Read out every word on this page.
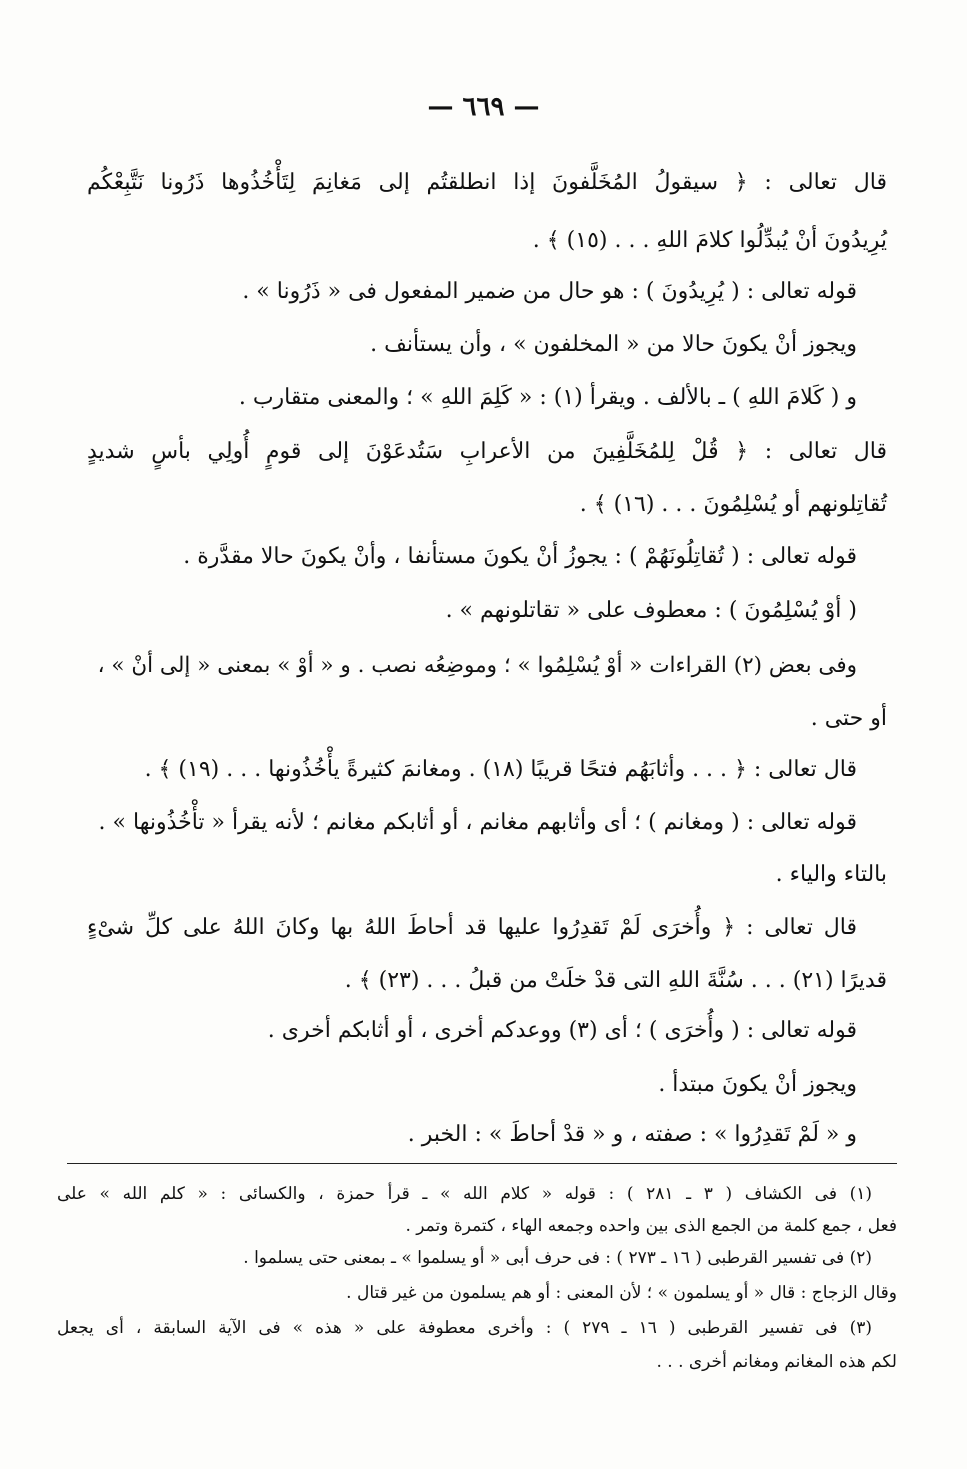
— ٦٦٩ —
قال تعالى : ﴿ سيقولُ المُخَلَّفونَ إذا انطلقتُم إلى مَغانِمَ لِتَأْخُذُوها ذَرُونا نَتَّبِعْكُم
يُرِيدُونَ أنْ يُبدِّلُوا كلامَ اللهِ . . . (١٥) ﴾ .
قوله تعالى : ( يُرِيدُونَ ) : هو حال من ضمير المفعول فى « ذَرُونا » .
ويجوز أنْ يكونَ حالا من « المخلفون » ، وأن يستأنف .
و ( كَلامَ اللهِ ) ـ بالألف . ويقرأ (١) : « كَلِمَ اللهِ » ؛ والمعنى متقارب .
قال تعالى : ﴿ قُلْ لِلمُخَلَّفِينَ من الأعرابِ سَتُدعَوْنَ إلى قومٍ أُولِي بأسٍ شديدٍ
تُقاتِلونهم أو يُسْلِمُونَ . . . (١٦) ﴾ .
قوله تعالى : ( تُقاتِلُونَهُمْ ) : يجوزُ أنْ يكونَ مستأنفا ، وأنْ يكونَ حالا مقدَّرة .
( أوْ يُسْلِمُونَ ) : معطوف على « تقاتلونهم » .
وفى بعض (٢) القراءات « أوْ يُسْلِمُوا » ؛ وموضِعُه نصب . و « أوْ » بمعنى « إلى أنْ » ،
أو حتى .
قال تعالى : ﴿ . . . وأثابَهُم فتحًا قريبًا (١٨) . ومغانمَ كثيرةً يأْخُذُونها . . . (١٩) ﴾ .
قوله تعالى : ( ومغانم ) ؛ أى وأثابهم مغانم ، أو أثابكم مغانم ؛ لأنه يقرأ « تأْخُذُونها » .
بالتاء والياء .
قال تعالى : ﴿ وأُخرَى لَمْ تَقدِرُوا عليها قد أحاطَ اللهُ بها وكانَ اللهُ على كلِّ شىْءٍ
قديرًا (٢١) . . . سُنَّةَ اللهِ التى قدْ خلَتْ من قبلُ . . . (٢٣) ﴾ .
قوله تعالى : ( وأُخرَى ) ؛ أى (٣) ووعدكم أخرى ، أو أثابكم أخرى .
ويجوز أنْ يكونَ مبتدأ .
و « لَمْ تَقدِرُوا » : صفته ، و « قدْ أحاطَ » : الخبر .
(١) فى الكشاف ( ٣ ـ ٢٨١ ) : قوله « كلام الله » ـ قرأ حمزة ، والكسائى : « كلم الله » على
فعل ، جمع كلمة من الجمع الذى بين واحده وجمعه الهاء ، كتمرة وتمر .
(٢) فى تفسير القرطبى ( ١٦ ـ ٢٧٣ ) : فى حرف أبى « أو يسلموا » ـ بمعنى حتى يسلموا .
وقال الزجاج : قال « أو يسلمون » ؛ لأن المعنى : أو هم يسلمون من غير قتال .
(٣) فى تفسير القرطبى ( ١٦ ـ ٢٧٩ ) : وأخرى معطوفة على « هذه » فى الآية السابقة ، أى يجعل
لكم هذه المغانم ومغانم أخرى . . .
